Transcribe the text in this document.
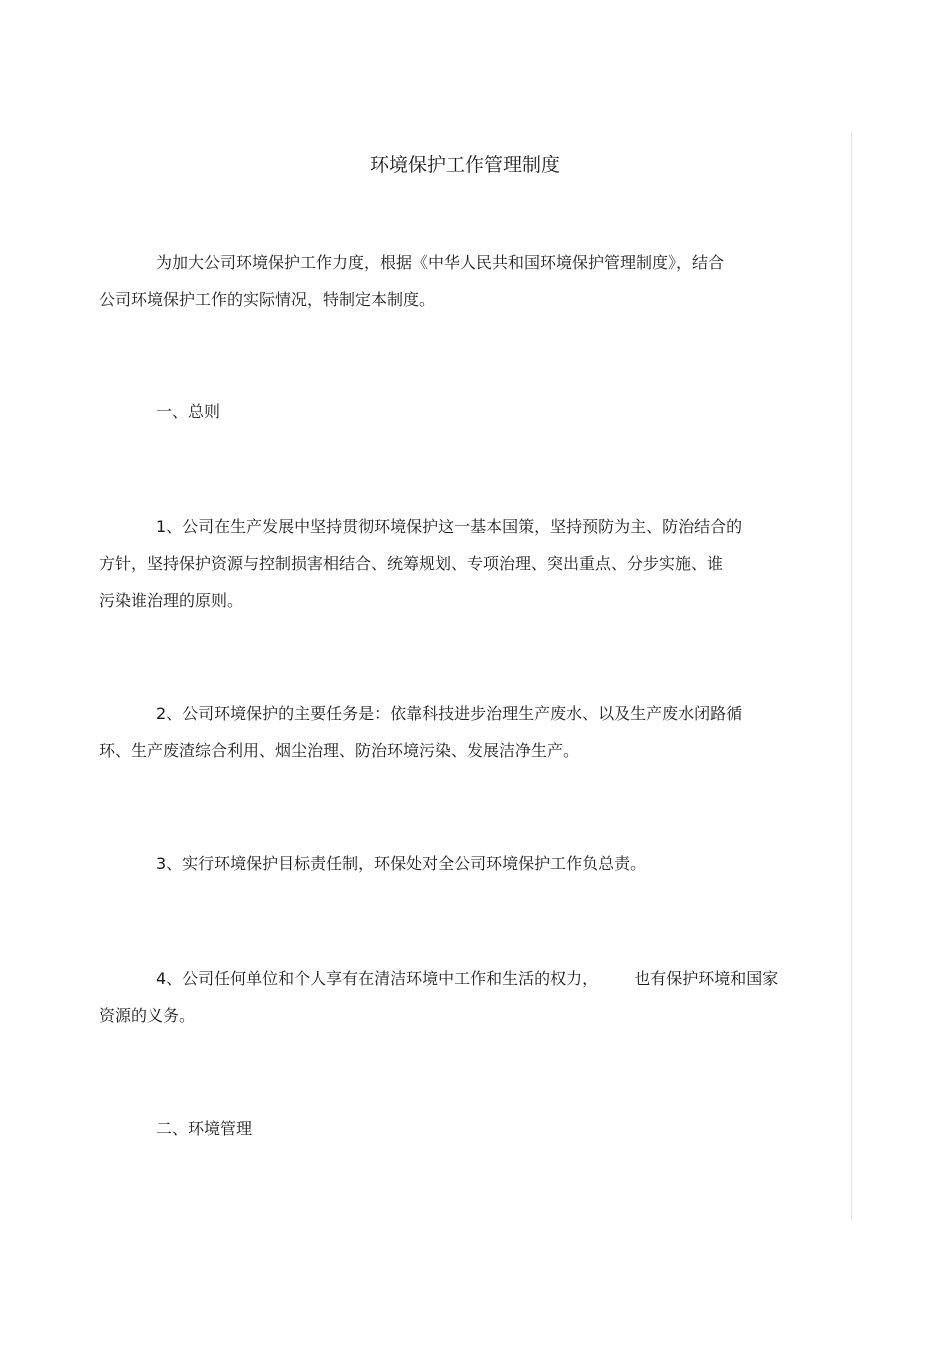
环境保护工作管理制度

为加大公司环境保护工作力度，根据《中华人民共和国环境保护管理制度》，结合
公司环境保护工作的实际情况，特制定本制度。

一、总则

1、公司在生产发展中坚持贯彻环境保护这一基本国策，坚持预防为主、防治结合的
方针，坚持保护资源与控制损害相结合、统筹规划、专项治理、突出重点、分步实施、谁
污染谁治理的原则。

2、公司环境保护的主要任务是：依靠科技进步治理生产废水、以及生产废水闭路循
环、生产废渣综合利用、烟尘治理、防治环境污染、发展洁净生产。

3、实行环境保护目标责任制，环保处对全公司环境保护工作负总责。

4、公司任何单位和个人享有在清洁环境中工作和生活的权力， 也有保护环境和国家
资源的义务。

二、环境管理
